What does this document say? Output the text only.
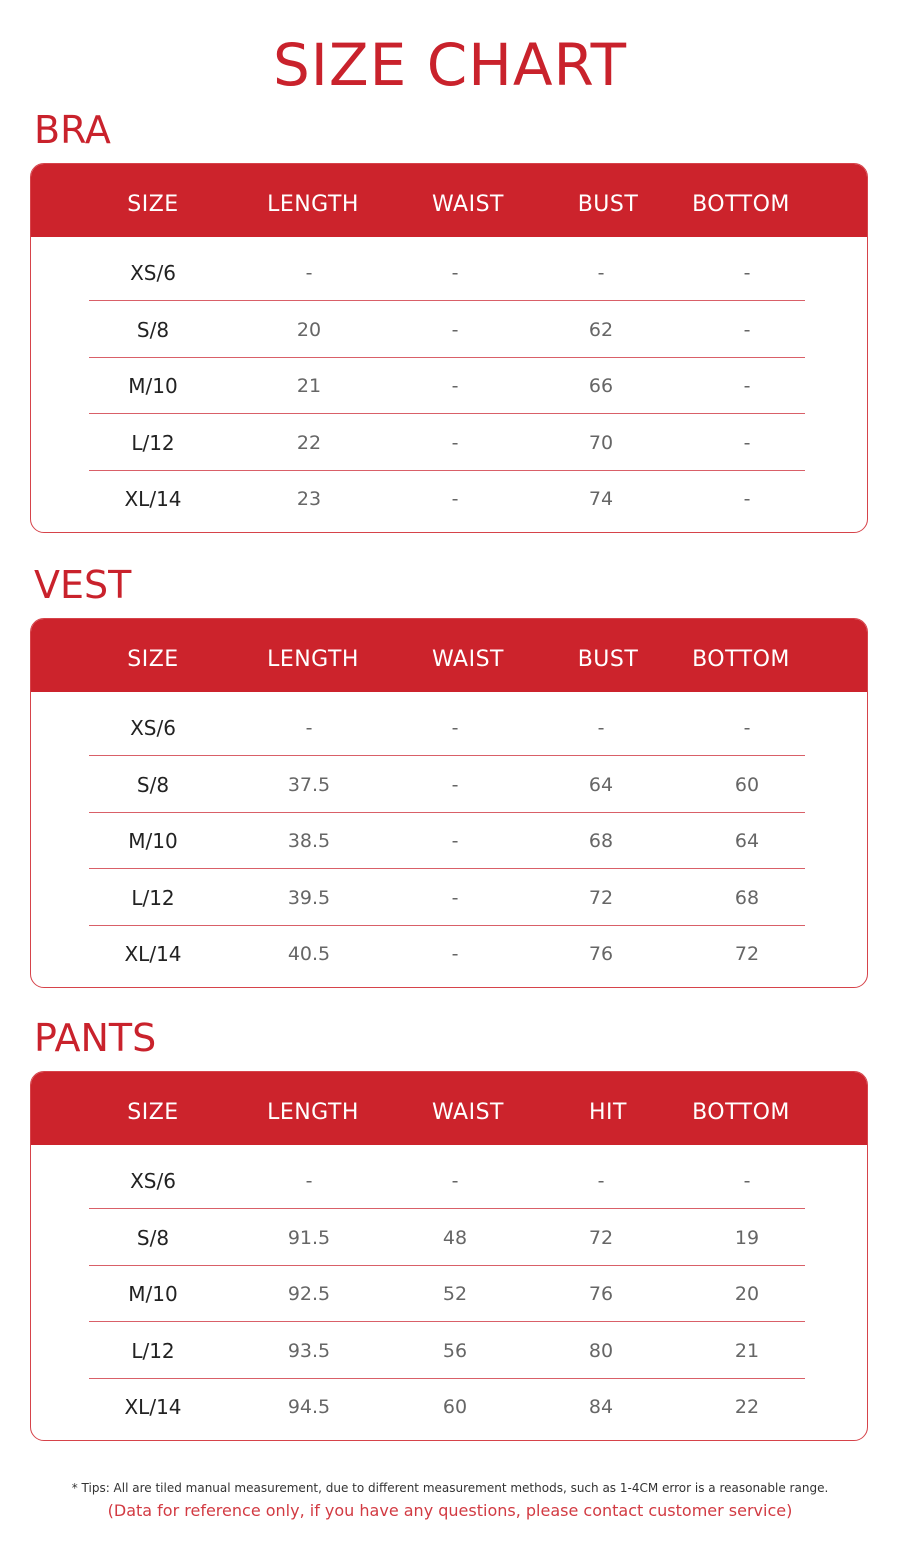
SIZE CHART
BRA
SIZE	LENGTH	WAIST	BUST	BOTTOM
XS/6	-	-	-	-
S/8	20	-	62	-
M/10	21	-	66	-
L/12	22	-	70	-
XL/14	23	-	74	-
VEST
SIZE	LENGTH	WAIST	BUST	BOTTOM
XS/6	-	-	-	-
S/8	37.5	-	64	60
M/10	38.5	-	68	64
L/12	39.5	-	72	68
XL/14	40.5	-	76	72
PANTS
SIZE	LENGTH	WAIST	HIT	BOTTOM
XS/6	-	-	-	-
S/8	91.5	48	72	19
M/10	92.5	52	76	20
L/12	93.5	56	80	21
XL/14	94.5	60	84	22
* Tips: All are tiled manual measurement, due to different measurement methods, such as 1-4CM error is a reasonable range.
(Data for reference only, if you have any questions, please contact customer service)
